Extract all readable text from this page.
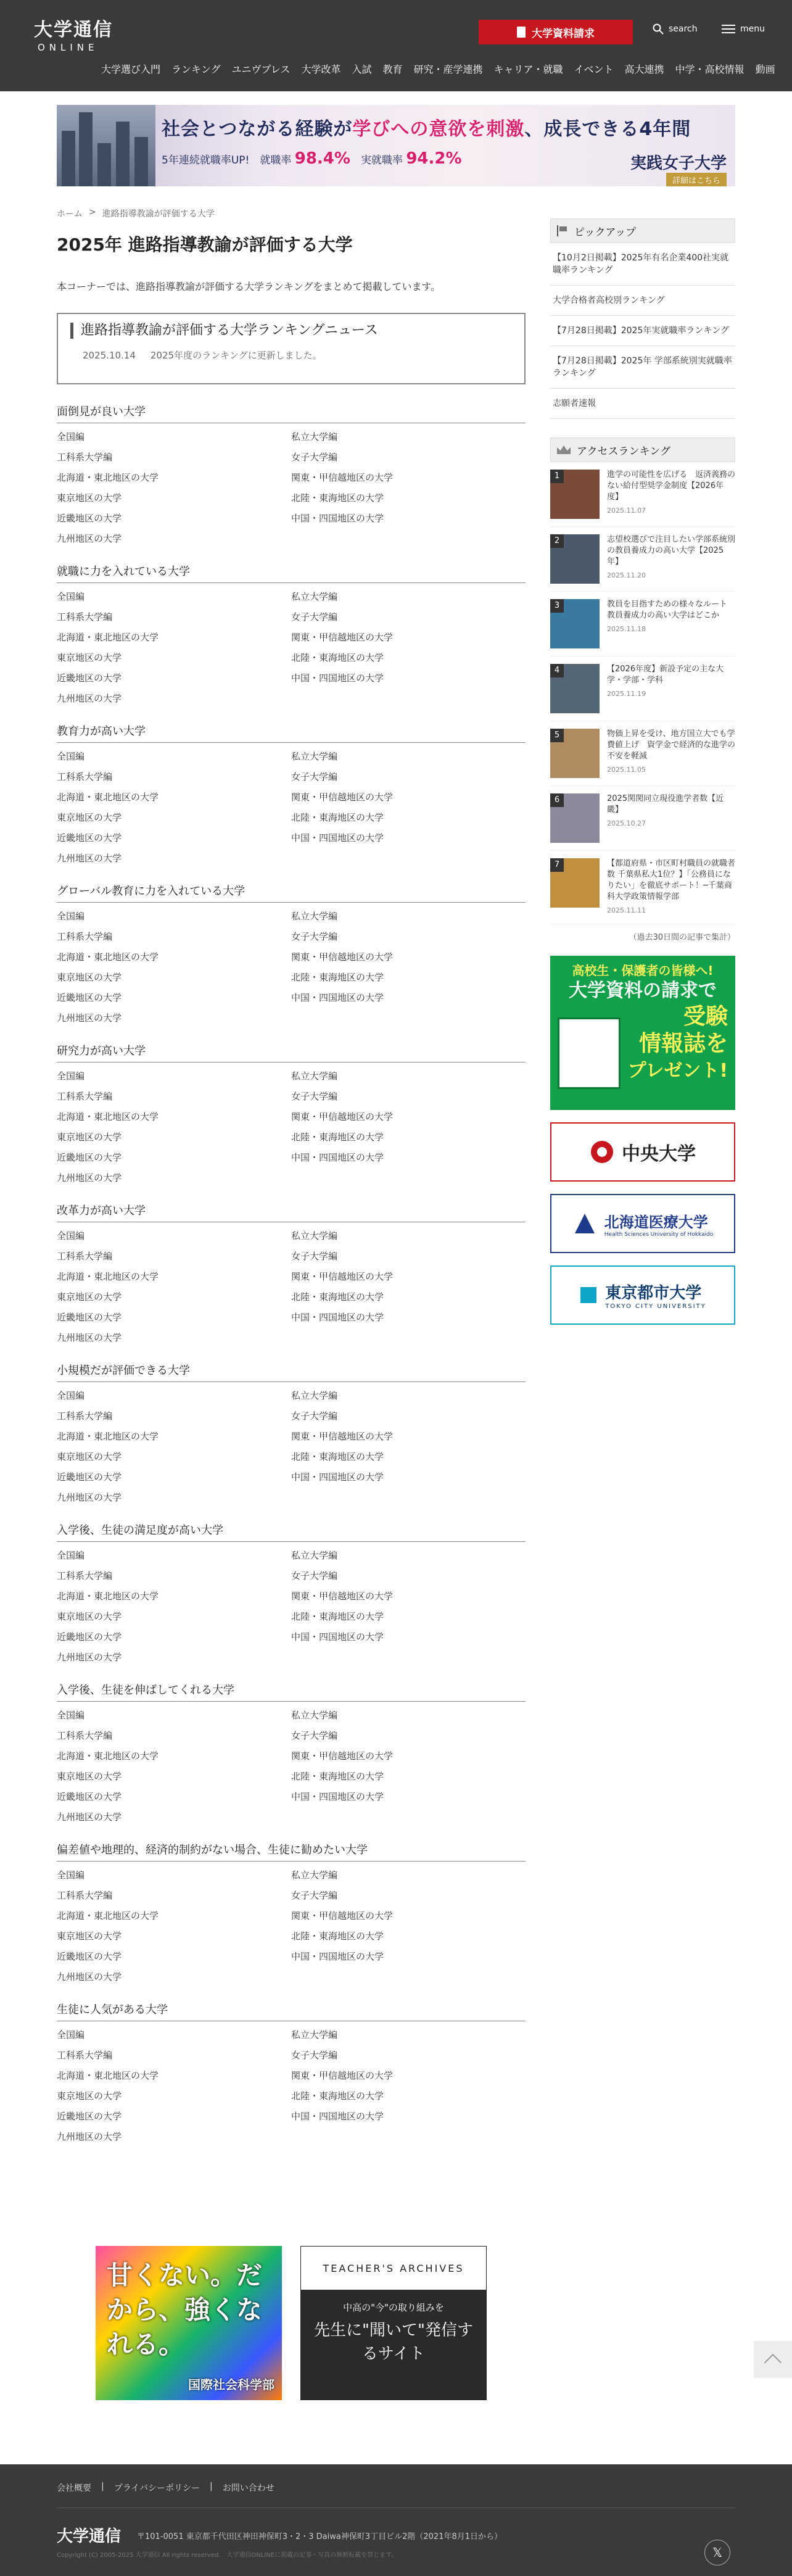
大学通信
ONLINE
大学資料請求	search	menu
大学選び入門	ランキング	ユニヴプレス	大学改革	入試	教育	研究・産学連携	キャリア・就職	イベント	高大連携	中学・高校情報	動画
社会とつながる経験が学びへの意欲を刺激、成長できる4年間
5年連続就職率UP!　 就職率 98.4%　 実就職率 94.2%	実践女子大学
詳細はこちら
ホーム > 進路指導教諭が評価する大学
2025年 進路指導教諭が評価する大学
本コーナーでは、進路指導教諭が評価する大学ランキングをまとめて掲載しています。
進路指導教諭が評価する大学ランキングニュース
2025.10.14 2025年度のランキングに更新しました。
面倒見が良い大学
全国編	私立大学編
工科系大学編	女子大学編
北海道・東北地区の大学	関東・甲信越地区の大学
東京地区の大学	北陸・東海地区の大学
近畿地区の大学	中国・四国地区の大学
九州地区の大学
就職に力を入れている大学
全国編	私立大学編
工科系大学編	女子大学編
北海道・東北地区の大学	関東・甲信越地区の大学
東京地区の大学	北陸・東海地区の大学
近畿地区の大学	中国・四国地区の大学
九州地区の大学
教育力が高い大学
全国編	私立大学編
工科系大学編	女子大学編
北海道・東北地区の大学	関東・甲信越地区の大学
東京地区の大学	北陸・東海地区の大学
近畿地区の大学	中国・四国地区の大学
九州地区の大学
グローバル教育に力を入れている大学
全国編	私立大学編
工科系大学編	女子大学編
北海道・東北地区の大学	関東・甲信越地区の大学
東京地区の大学	北陸・東海地区の大学
近畿地区の大学	中国・四国地区の大学
九州地区の大学
研究力が高い大学
全国編	私立大学編
工科系大学編	女子大学編
北海道・東北地区の大学	関東・甲信越地区の大学
東京地区の大学	北陸・東海地区の大学
近畿地区の大学	中国・四国地区の大学
九州地区の大学
改革力が高い大学
全国編	私立大学編
工科系大学編	女子大学編
北海道・東北地区の大学	関東・甲信越地区の大学
東京地区の大学	北陸・東海地区の大学
近畿地区の大学	中国・四国地区の大学
九州地区の大学
小規模だが評価できる大学
全国編	私立大学編
工科系大学編	女子大学編
北海道・東北地区の大学	関東・甲信越地区の大学
東京地区の大学	北陸・東海地区の大学
近畿地区の大学	中国・四国地区の大学
九州地区の大学
入学後、生徒の満足度が高い大学
全国編	私立大学編
工科系大学編	女子大学編
北海道・東北地区の大学	関東・甲信越地区の大学
東京地区の大学	北陸・東海地区の大学
近畿地区の大学	中国・四国地区の大学
九州地区の大学
入学後、生徒を伸ばしてくれる大学
全国編	私立大学編
工科系大学編	女子大学編
北海道・東北地区の大学	関東・甲信越地区の大学
東京地区の大学	北陸・東海地区の大学
近畿地区の大学	中国・四国地区の大学
九州地区の大学
偏差値や地理的、経済的制約がない場合、生徒に勧めたい大学
全国編	私立大学編
工科系大学編	女子大学編
北海道・東北地区の大学	関東・甲信越地区の大学
東京地区の大学	北陸・東海地区の大学
近畿地区の大学	中国・四国地区の大学
九州地区の大学
生徒に人気がある大学
全国編	私立大学編
工科系大学編	女子大学編
北海道・東北地区の大学	関東・甲信越地区の大学
東京地区の大学	北陸・東海地区の大学
近畿地区の大学	中国・四国地区の大学
九州地区の大学
ピックアップ
【10月2日掲載】2025年有名企業400社実就職率ランキング
大学合格者高校別ランキング
【7月28日掲載】2025年実就職率ランキング
【7月28日掲載】2025年 学部系統別実就職率ランキング
志願者速報
アクセスランキング
1	進学の可能性を広げる　返済義務のない給付型奨学金制度【2026年度】
2025.11.07
2	志望校選びで注目したい学部系統別の教員養成力の高い大学【2025年】
2025.11.20
3	教員を目指すための様々なルート 教員養成力の高い大学はどこか
2025.11.18
4	【2026年度】新設予定の主な大学・学部・学科
2025.11.19
5	物価上昇を受け、地方国立大でも学費値上げ　資学金で経済的な進学の不安を軽減
2025.11.05
6	2025関関同立現役進学者数【近畿】
2025.10.27
7	【都道府県・市区町村職員の就職者数 千葉県私大1位？】「公務員になりたい」を徹底サポート！─千葉商科大学政策情報学部
2025.11.11
（過去30日間の記事で集計）
高校生・保護者の皆様へ!
大学資料の請求で
受験
情報誌を
プレゼント!
中央大学
北海道医療大学
Health Sciences University of Hokkaido
東京都市大学
TOKYO CITY UNIVERSITY
甘くない。だから、強くなれる。
国際社会科学部
TEACHER'S ARCHIVES
中高の"今"の取り組みを
先生に"聞いて"発信するサイト
会社概要 | プライバシーポリシー | お問い合わせ
大学通信 〒101-0051 東京都千代田区神田神保町3・2・3 Daiwa神保町3丁目ビル2階（2021年8月1日から）
Copyright (C) 2005-2025 大学通信 All rights reserved.　大学通信ONLINEに掲載の記事・写真の無断転載を禁じます。	𝕏
